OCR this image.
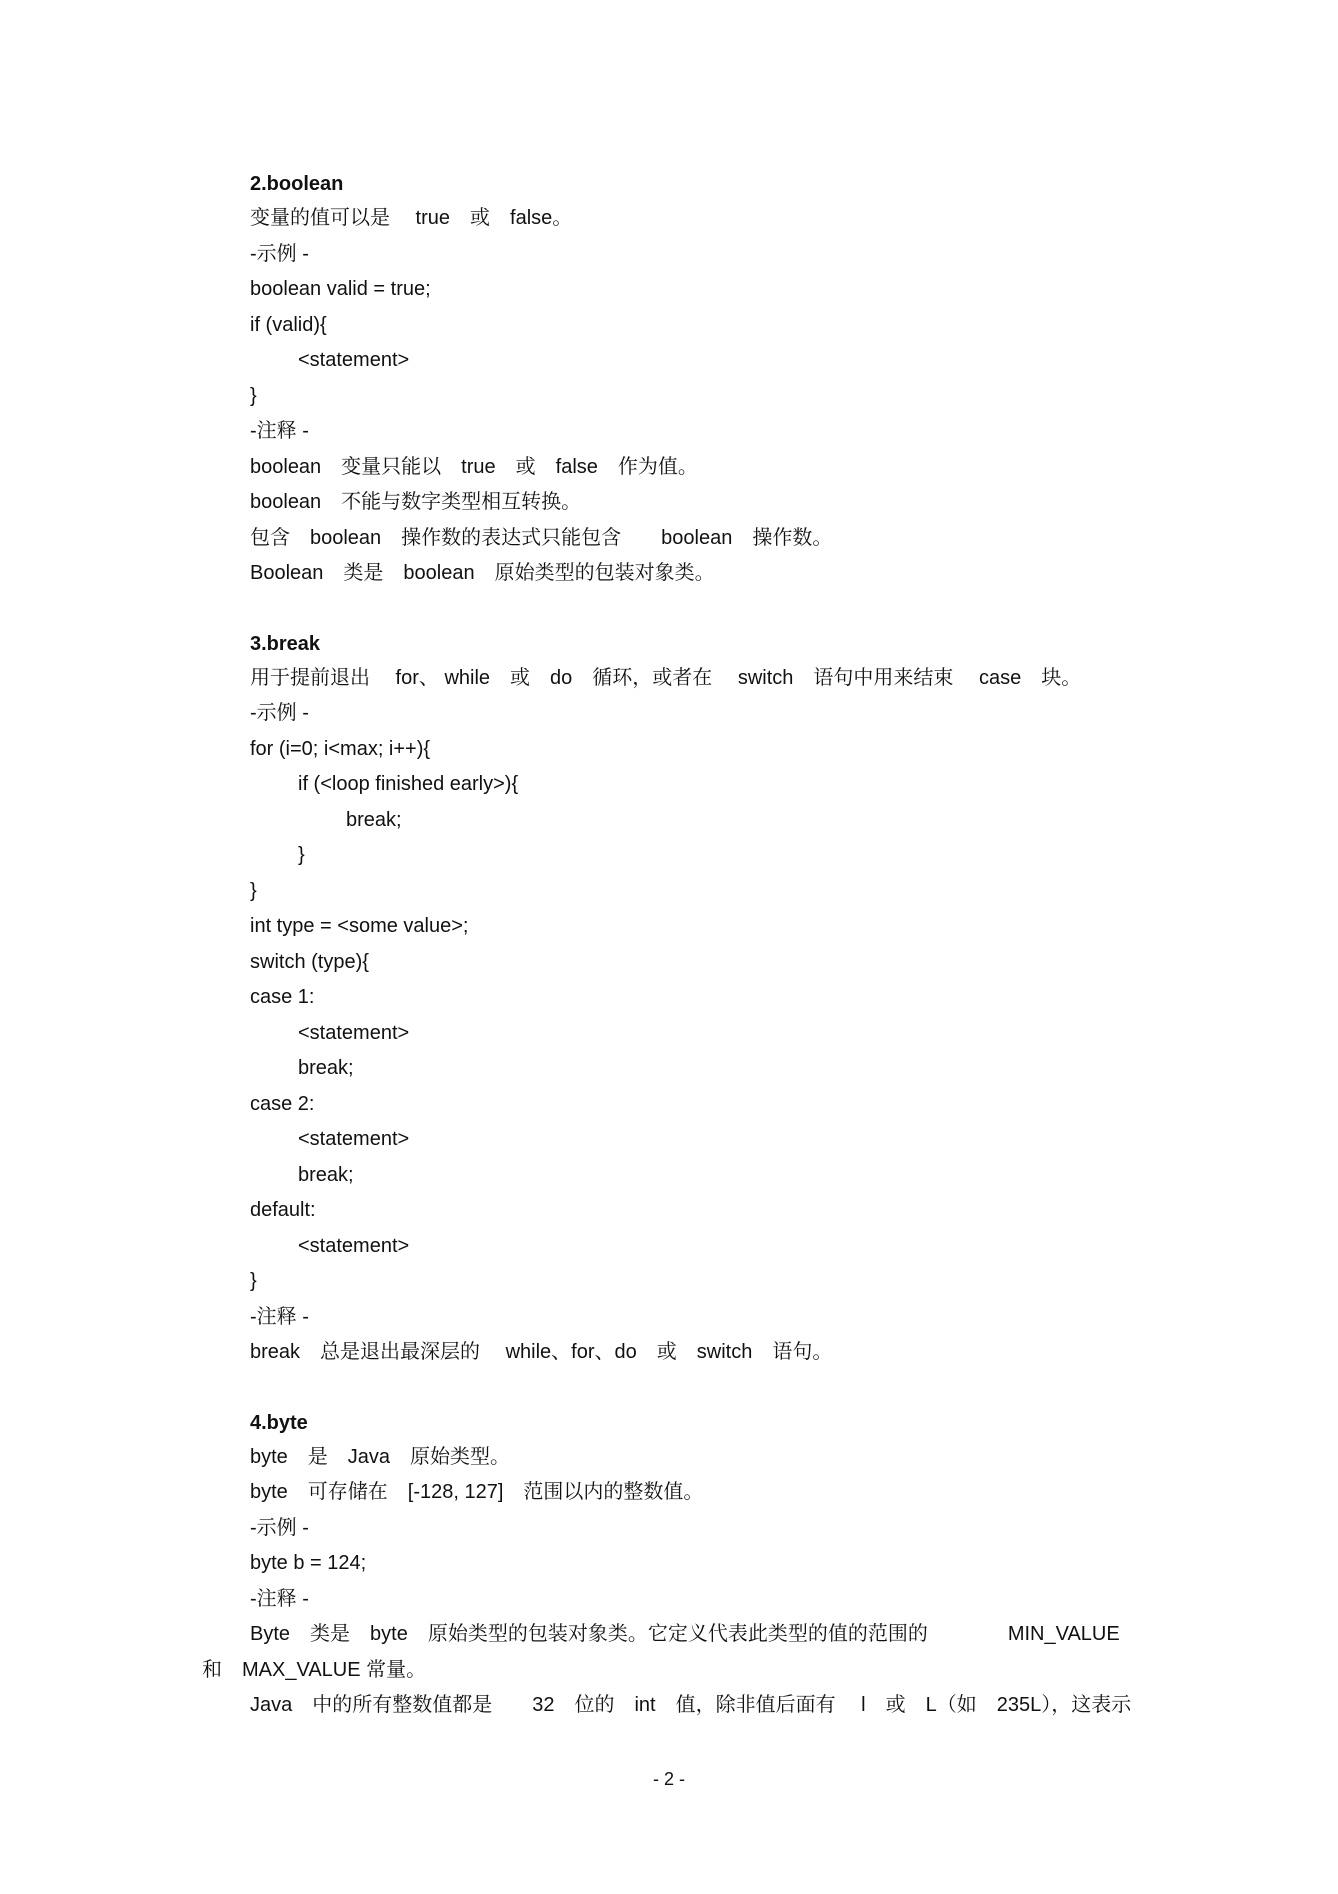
2.boolean
变量的值可以是　 true　或　false。
-示例 -
boolean valid = true;
if (valid){
<statement>
}
-注释 -
boolean　变量只能以　true　或　false　作为值。
boolean　不能与数字类型相互转换。
包含　boolean　操作数的表达式只能包含　　boolean　操作数。
Boolean　类是　boolean　原始类型的包装对象类。
3.break
用于提前退出　 for、 while　或　do　循环，或者在　 switch　语句中用来结束　 case　块。
-示例 -
for (i=0; i<max; i++){
if (<loop finished early>){
break;
}
}
int type = <some value>;
switch (type){
case 1:
<statement>
break;
case 2:
<statement>
break;
default:
<statement>
}
-注释 -
break　总是退出最深层的　 while、for、do　或　switch　语句。
4.byte
byte　是　Java　原始类型。
byte　可存储在　[-128, 127]　范围以内的整数值。
-示例 -
byte b = 124;
-注释 -
Byte　类是　byte　原始类型的包装对象类。它定义代表此类型的值的范围的　　　　MIN_VALUE
和　MAX_VALUE 常量。
Java　中的所有整数值都是　　32　位的　int　值，除非值后面有　 l　或　L（如　235L），这表示
- 2 -
